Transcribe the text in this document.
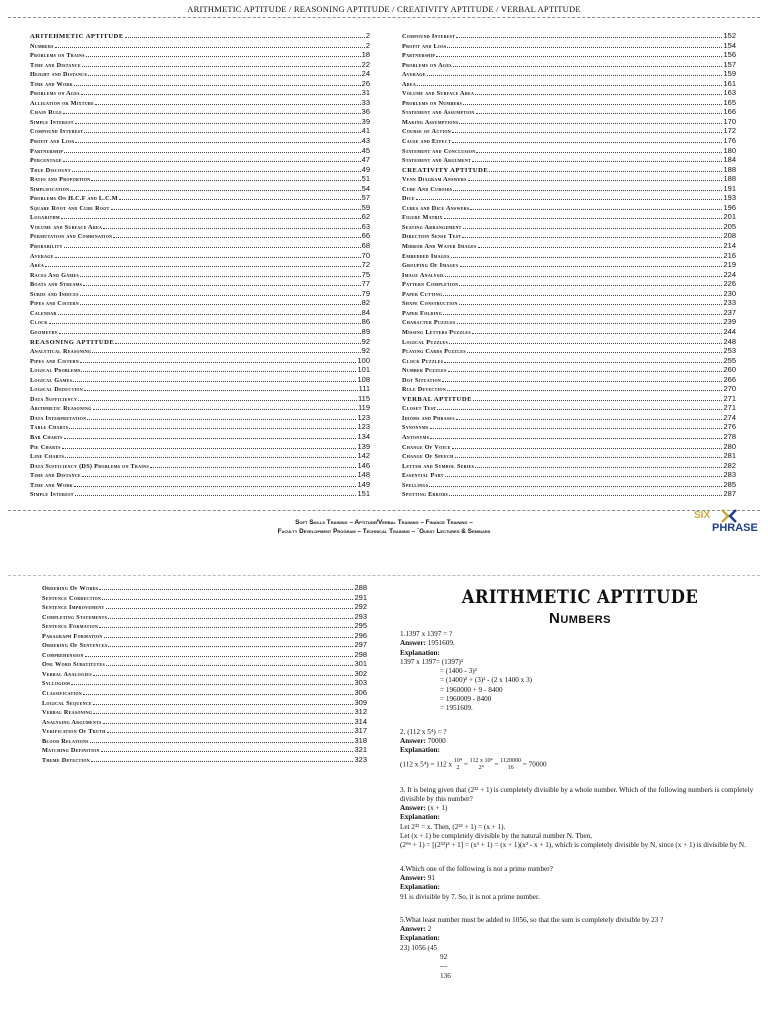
ARITHMETIC APTITUDE / REASONING APTITUDE / CREATIVITY APTITUDE / VERBAL APTITUDE
ARITEHMETIC APTITUDE	2
Numbers	2
Problems on Trains	18
Time and Distance	22
Height and Distance	24
Time and Work	26
Problems on Ages	31
Alligation or Mixture	33
Chain Rule	36
Simple Interest	39
Compound Interest	41
Profit and Loss	43
Partnership	45
Percentage	47
True Discount	49
Ratio and Proportion	51
Simplification	54
Problems On H.C.F and L.C.M	57
Square Root and Cube Root	59
Logarithm	62
Volume and Surface Area	63
Permutation and Combination	66
Probability	68
Average	70
Area	72
Races And Games	75
Boats and Streams	77
Surds and Indices	79
Pipes and Cistern	82
Calendar	84
Clock	86
Geometry	89
REASONING APTITUDE	92
Analytical Reasoning	92
Pipes and Cistern	100
Logical Problems	101
Logical Games	108
Logical Deduction	111
Data Sufficiency	115
Arithmetic Reasoning	119
Data Interpretation	123
Table Charts	123
Bar Charts	134
Pie Charts	139
Line Charts	142
Data Sufficiency (DS) Problems on Trains	146
Time and Distance	148
Time and Work	149
Simple Interest	151
Compound Interest	152
Profit and Loss	154
Partnership	156
Problems on Ages	157
Average	159
Area	161
Volume and Surface Area	163
Problems on Numbers	165
Statement and Assumption	166
Making Assumptions	170
Course of Action	172
Cause and Effect	176
Statement and Conclusion	180
Statement and Argument	184
CREATIVITY APTITUDE	188
Venn Diagram Answers	188
Cube And Cuboids	191
Dice	193
Cubes and Dice Answers	196
Figure Matrix	201
Seating Arrangement	205
Direction Sense Test	208
Mirror And Water Images	214
Embedded Images	216
Grouping Of Images	219
Image Analysis	224
Pattern Completion	226
Paper Cutting	230
Shape Construction	233
Paper Folding	237
Character Puzzles	239
Missing Letters Puzzles	244
Logical Puzzles	248
Playing Cards Puzzles	253
Clock Puzzles	255
Number Puzzles	260
Dot Situation	266
Rule Detection	270
VERBAL APTITUDE	271
Closet Test	271
Idioms and Phrases	274
Synonyms	276
Antonyms	278
Change Of Voice	280
Change Of Speech	281
Letter and Symbol Series	282
Essential Part	283
Spellings	285
Spotting Errors	287
Soft Skills Training – Aptitude/Verbal Training – Finance Training –
Faculty Development Program – Technical Training – `Guest Lectures & Seminars
SIX
PHRASE
Ordering Of Words	288
Sentence Correction	291
Sentence Improvement	292
Completing Statements	293
Sentence Formation	295
Paragraph Formation	296
Ordering Of Sentences	297
Comprehension	298
One Word Substitutes	301
Verbal Analogies	302
Syllogism	303
Classification	306
Logical Sequence	309
Verbal Reasoning	312
Analysing Arguments	314
Verification Of Truth	317
Blood Relations	318
Matching Definition	321
Theme Detection	323
ARITHMETIC APTITUDE
Numbers
1.1397 x 1397 = ?
Answer: 1951609.
Explanation:
1397 x 1397= (1397)²
= (1400 - 3)²
= (1400)² + (3)² - (2 x 1400 x 3)
= 1960000 + 9 - 8400
= 1960009 - 8400
= 1951609.
2. (112 x 5⁴) = ?
Answer: 70000
Explanation:
(112 x 5⁴) = 112 x 10⁴
2 = 112 x 10⁴
2⁴ = 1120000
16 = 70000
3. It is being given that (2³² + 1) is completely divisible by a whole number. Which of the following numbers is completely divisible by this number?
Answer: (x + 1)
Explanation:
Let 2³² = x. Then, (2³² + 1) = (x + 1).
Let (x + 1) be completely divisible by the natural number N. Then,
(2⁹⁶ + 1) = [(2³²)³ + 1] = (x³ + 1) = (x + 1)(x² - x + 1), which is completely divisible by N, since (x + 1) is divisible by N.
4.Which one of the following is not a prime number?
Answer: 91
Explanation:
91 is divisible by 7. So, it is not a prime number.
5.What least number must be added to 1056, so that the sum is completely divisible by 23 ?
Answer: 2
Explanation:
23) 1056 (45
92
---
136
